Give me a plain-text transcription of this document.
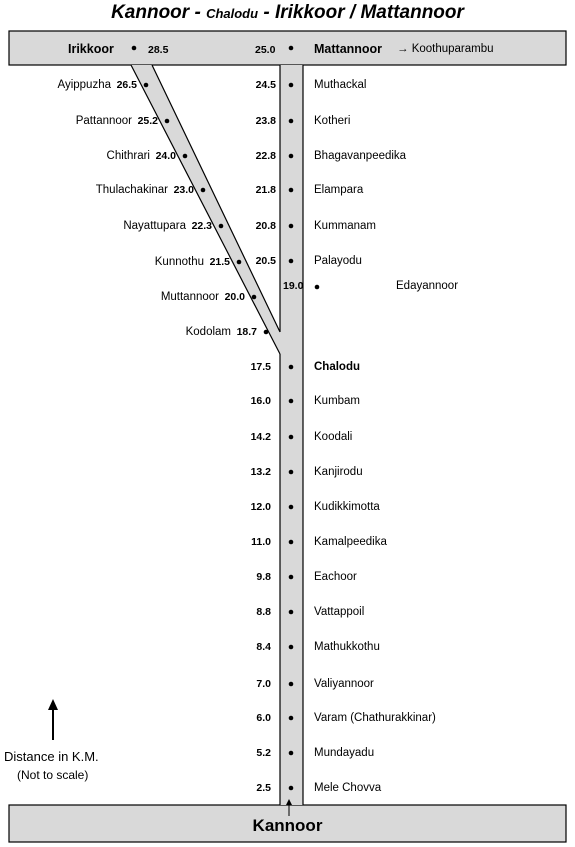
Kannoor - Chalodu - Irikkoor / Mattannoor
Irikkoor	28.5	25.0	Mattannoor → Koothuparambu
Ayippuzha 26.5
Pattannoor 25.2
Chithrari 24.0
Thulachakinar 23.0
Nayattupara 22.3
Kunnothu 21.5
Muttannoor 20.0
Kodolam 18.7
24.5	Muthackal
23.8	Kotheri
22.8	Bhagavanpeedika
21.8	Elampara
20.8	Kummanam
20.5	Palayodu
19.0	Edayannoor
17.5	Chalodu
16.0	Kumbam
14.2	Koodali
13.2	Kanjirodu
12.0	Kudikkimotta
11.0	Kamalpeedika
9.8	Eachoor
8.8	Vattappoil
8.4	Mathukkothu
7.0	Valiyannoor
6.0	Varam (Chathurakkinar)
5.2	Mundayadu
2.5	Mele Chovva
Kannoor
Distance in K.M.
(Not to scale)
